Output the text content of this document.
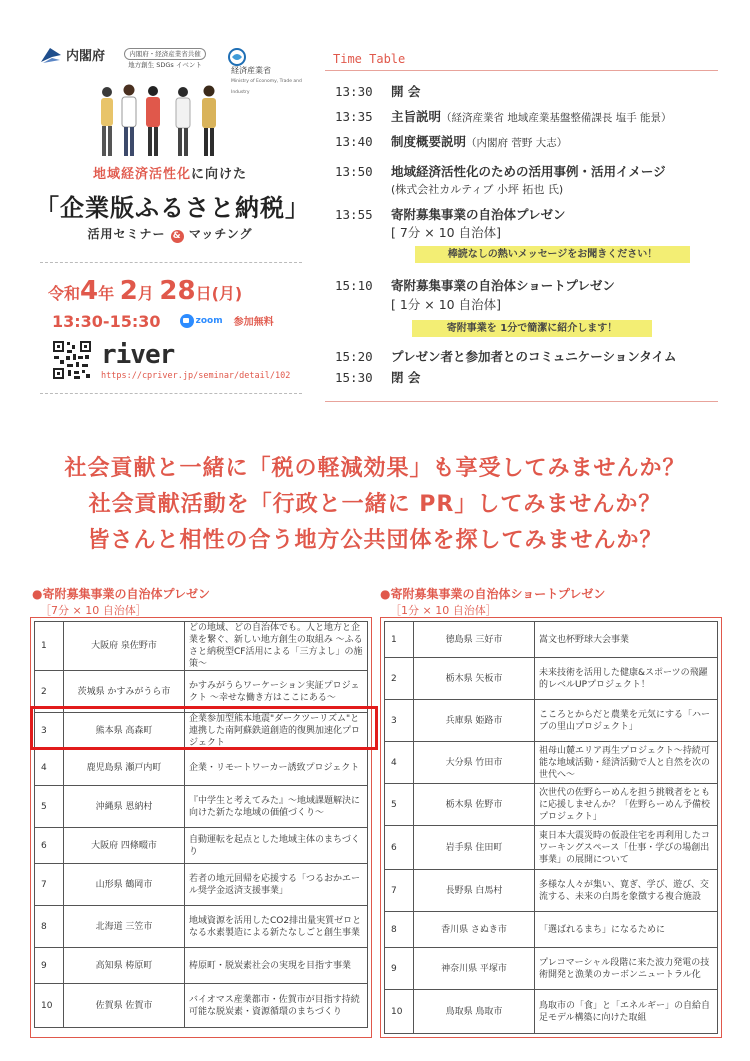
内閣府	内閣府・経済産業省共催
地方創生 SDGs イベント
経済産業省
Ministry of Economy, Trade and Industry
地域経済活性化に向けた
「企業版ふるさと納税」
活用セミナー & マッチング
令和4年 2月 28日(月)
13:30-15:30	zoom 参加無料
river
https://cpriver.jp/seminar/detail/102
Time Table
13:30 開 会
13:35 主旨説明（経済産業省 地域産業基盤整備課長 塩手 能景）
13:40 制度概要説明（内閣府 菅野 大志）
13:50 地域経済活性化のための活用事例・活用イメージ
(株式会社カルティブ 小坪 拓也 氏)
13:55 寄附募集事業の自治体プレゼン
[ 7分 × 10 自治体]
棒読なしの熱いメッセージをお聞きください！
15:10 寄附募集事業の自治体ショートプレゼン
[ 1分 × 10 自治体]
寄附事業を 1分で簡潔に紹介します！
15:20 プレゼン者と参加者とのコミュニケーションタイム
15:30 閉 会
社会貢献と一緒に「税の軽減効果」も享受してみませんか？
社会貢献活動を「行政と一緒に PR」してみませんか？
皆さんと相性の合う地方公共団体を探してみませんか？
●寄附募集事業の自治体プレゼン
［7分 × 10 自治体］
1	大阪府 泉佐野市	どの地域、どの自治体でも。人と地方と企業を繋ぐ、新しい地方創生の取組み ～ふるさと納税型CF活用による「三方よし」の施策～
2	茨城県 かすみがうら市	かすみがうらワーケーション実証プロジェクト ～幸せな働き方はここにある～
3	熊本県 高森町	企業参加型熊本地震"ダークツーリズム"と連携した南阿蘇鉄道創造的復興加速化プロジェクト
4	鹿児島県 瀬戸内町	企業・リモートワーカー誘致プロジェクト
5	沖縄県 恩納村	『中学生と考えてみた』～地域課題解決に向けた新たな地域の価値づくり～
6	大阪府 四條畷市	自動運転を起点とした地域主体のまちづくり
7	山形県 鶴岡市	若者の地元回帰を応援する「つるおかエール奨学金返済支援事業」
8	北海道 三笠市	地域資源を活用したCO2排出量実質ゼロとなる水素製造による新たなしごと創生事業
9	高知県 梼原町	梼原町・脱炭素社会の実現を目指す事業
10	佐賀県 佐賀市	バイオマス産業都市・佐賀市が目指す持続可能な脱炭素・資源循環のまちづくり
●寄附募集事業の自治体ショートプレゼン
［1分 × 10 自治体］
1	徳島県 三好市	嵩文也杯野球大会事業
2	栃木県 矢板市	未来技術を活用した健康&スポーツの飛躍的レベルUPプロジェクト！
3	兵庫県 姫路市	こころとからだと農業を元気にする「ハーブの里山プロジェクト」
4	大分県 竹田市	祖母山麓エリア再生プロジェクト～持続可能な地域活動・経済活動で人と自然を次の世代へ～
5	栃木県 佐野市	次世代の佐野らーめんを担う挑戦者をともに応援しませんか？「佐野らーめん予備校プロジェクト」
6	岩手県 住田町	東日本大震災時の仮設住宅を再利用したコワーキングスペース「仕事・学びの場創出事業」の展開について
7	長野県 白馬村	多様な人々が集い、寛ぎ、学び、遊び、交流する、未来の白馬を象徴する複合施設
8	香川県 さぬき市	「選ばれるまち」になるために
9	神奈川県 平塚市	プレコマーシャル段階に来た波力発電の技術開発と漁業のカーボンニュートラル化
10	鳥取県 鳥取市	鳥取市の「食」と「エネルギー」の自給自足モデル構築に向けた取組
